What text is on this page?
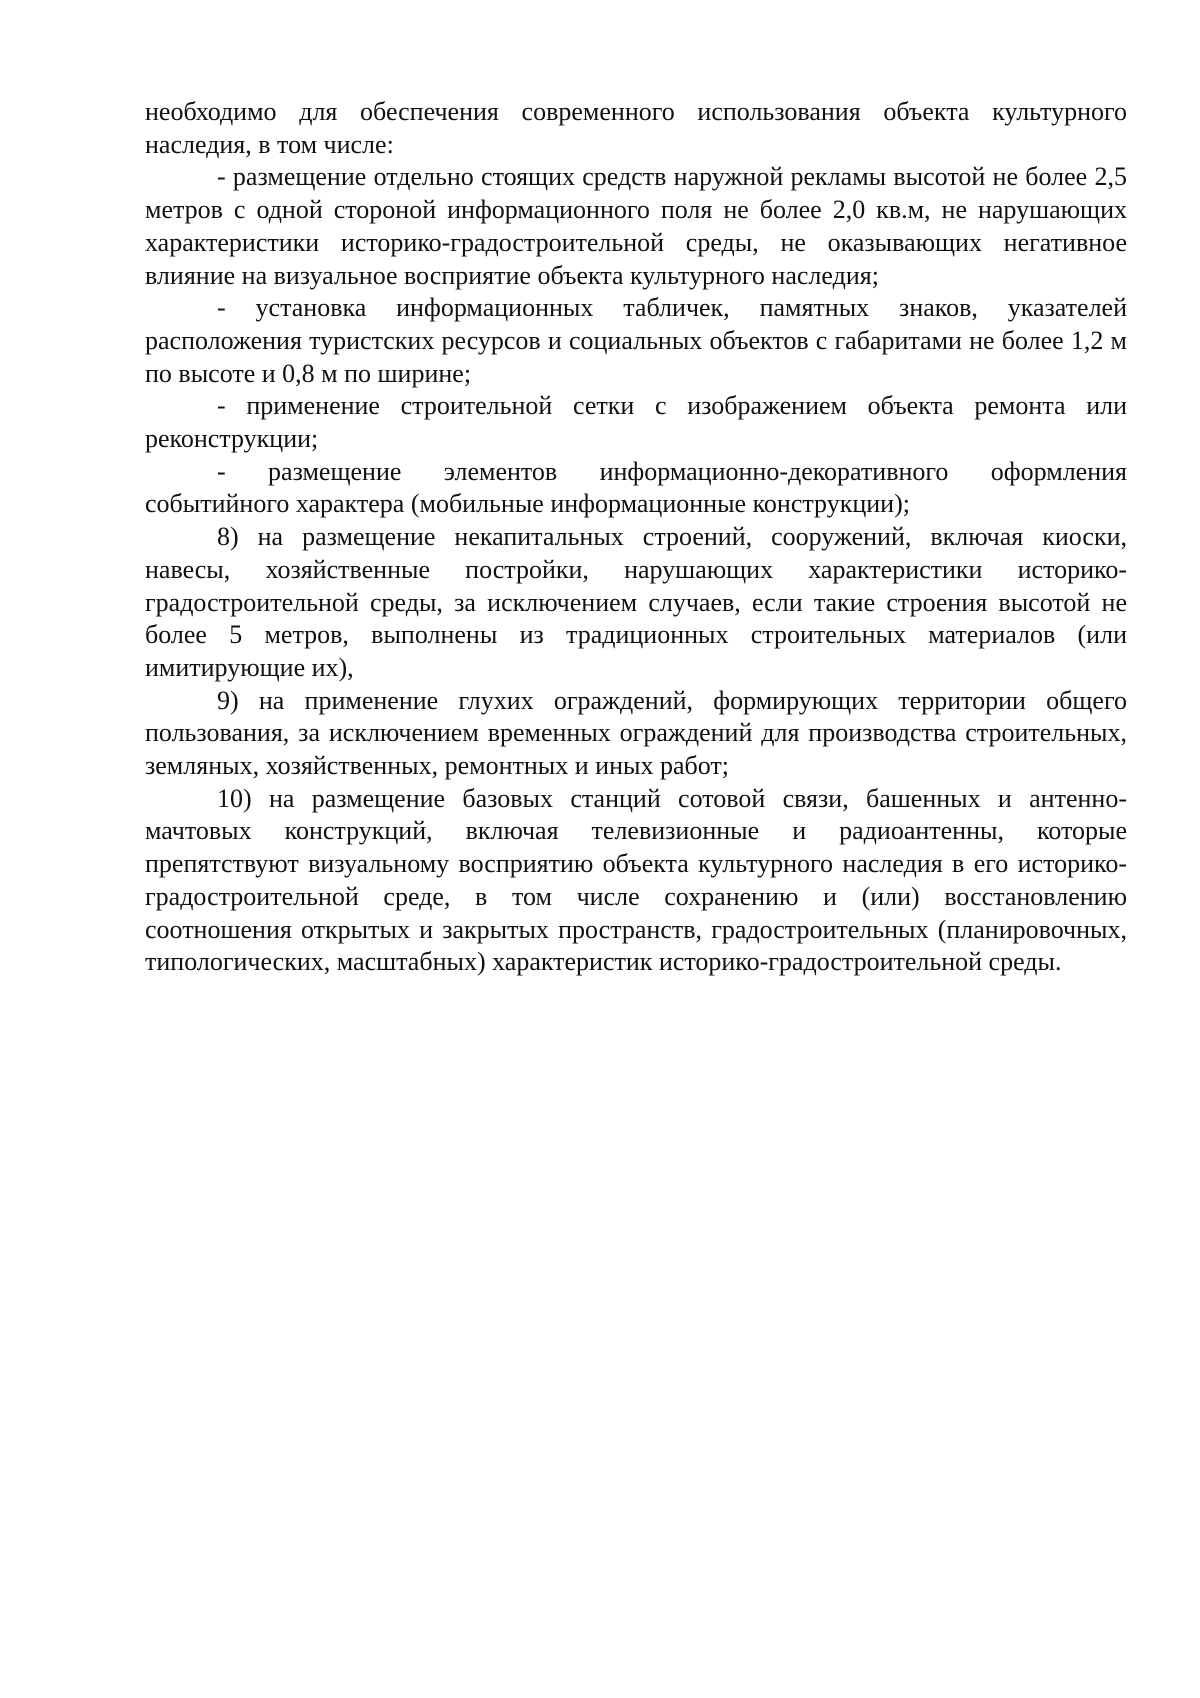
необходимо для обеспечения современного использования объекта культурного наследия, в том числе:

- размещение отдельно стоящих средств наружной рекламы высотой не более 2,5 метров с одной стороной информационного поля не более 2,0 кв.м, не нарушающих характеристики историко-градостроительной среды, не оказывающих негативное влияние на визуальное восприятие объекта культурного наследия;

- установка информационных табличек, памятных знаков, указателей расположения туристских ресурсов и социальных объектов с габаритами не более 1,2 м по высоте и 0,8 м по ширине;

- применение строительной сетки с изображением объекта ремонта или реконструкции;

- размещение элементов информационно-декоративного оформления событийного характера (мобильные информационные конструкции);

8) на размещение некапитальных строений, сооружений, включая киоски, навесы, хозяйственные постройки, нарушающих характеристики историко-градостроительной среды, за исключением случаев, если такие строения высотой не более 5 метров, выполнены из традиционных строительных материалов (или имитирующие их),

9) на применение глухих ограждений, формирующих территории общего пользования, за исключением временных ограждений для производства строительных, земляных, хозяйственных, ремонтных и иных работ;

10) на размещение базовых станций сотовой связи, башенных и антенно-мачтовых конструкций, включая телевизионные и радиоантенны, которые препятствуют визуальному восприятию объекта культурного наследия в его историко-градостроительной среде, в том числе сохранению и (или) восстановлению соотношения открытых и закрытых пространств, градостроительных (планировочных, типологических, масштабных) характеристик историко-градостроительной среды.
